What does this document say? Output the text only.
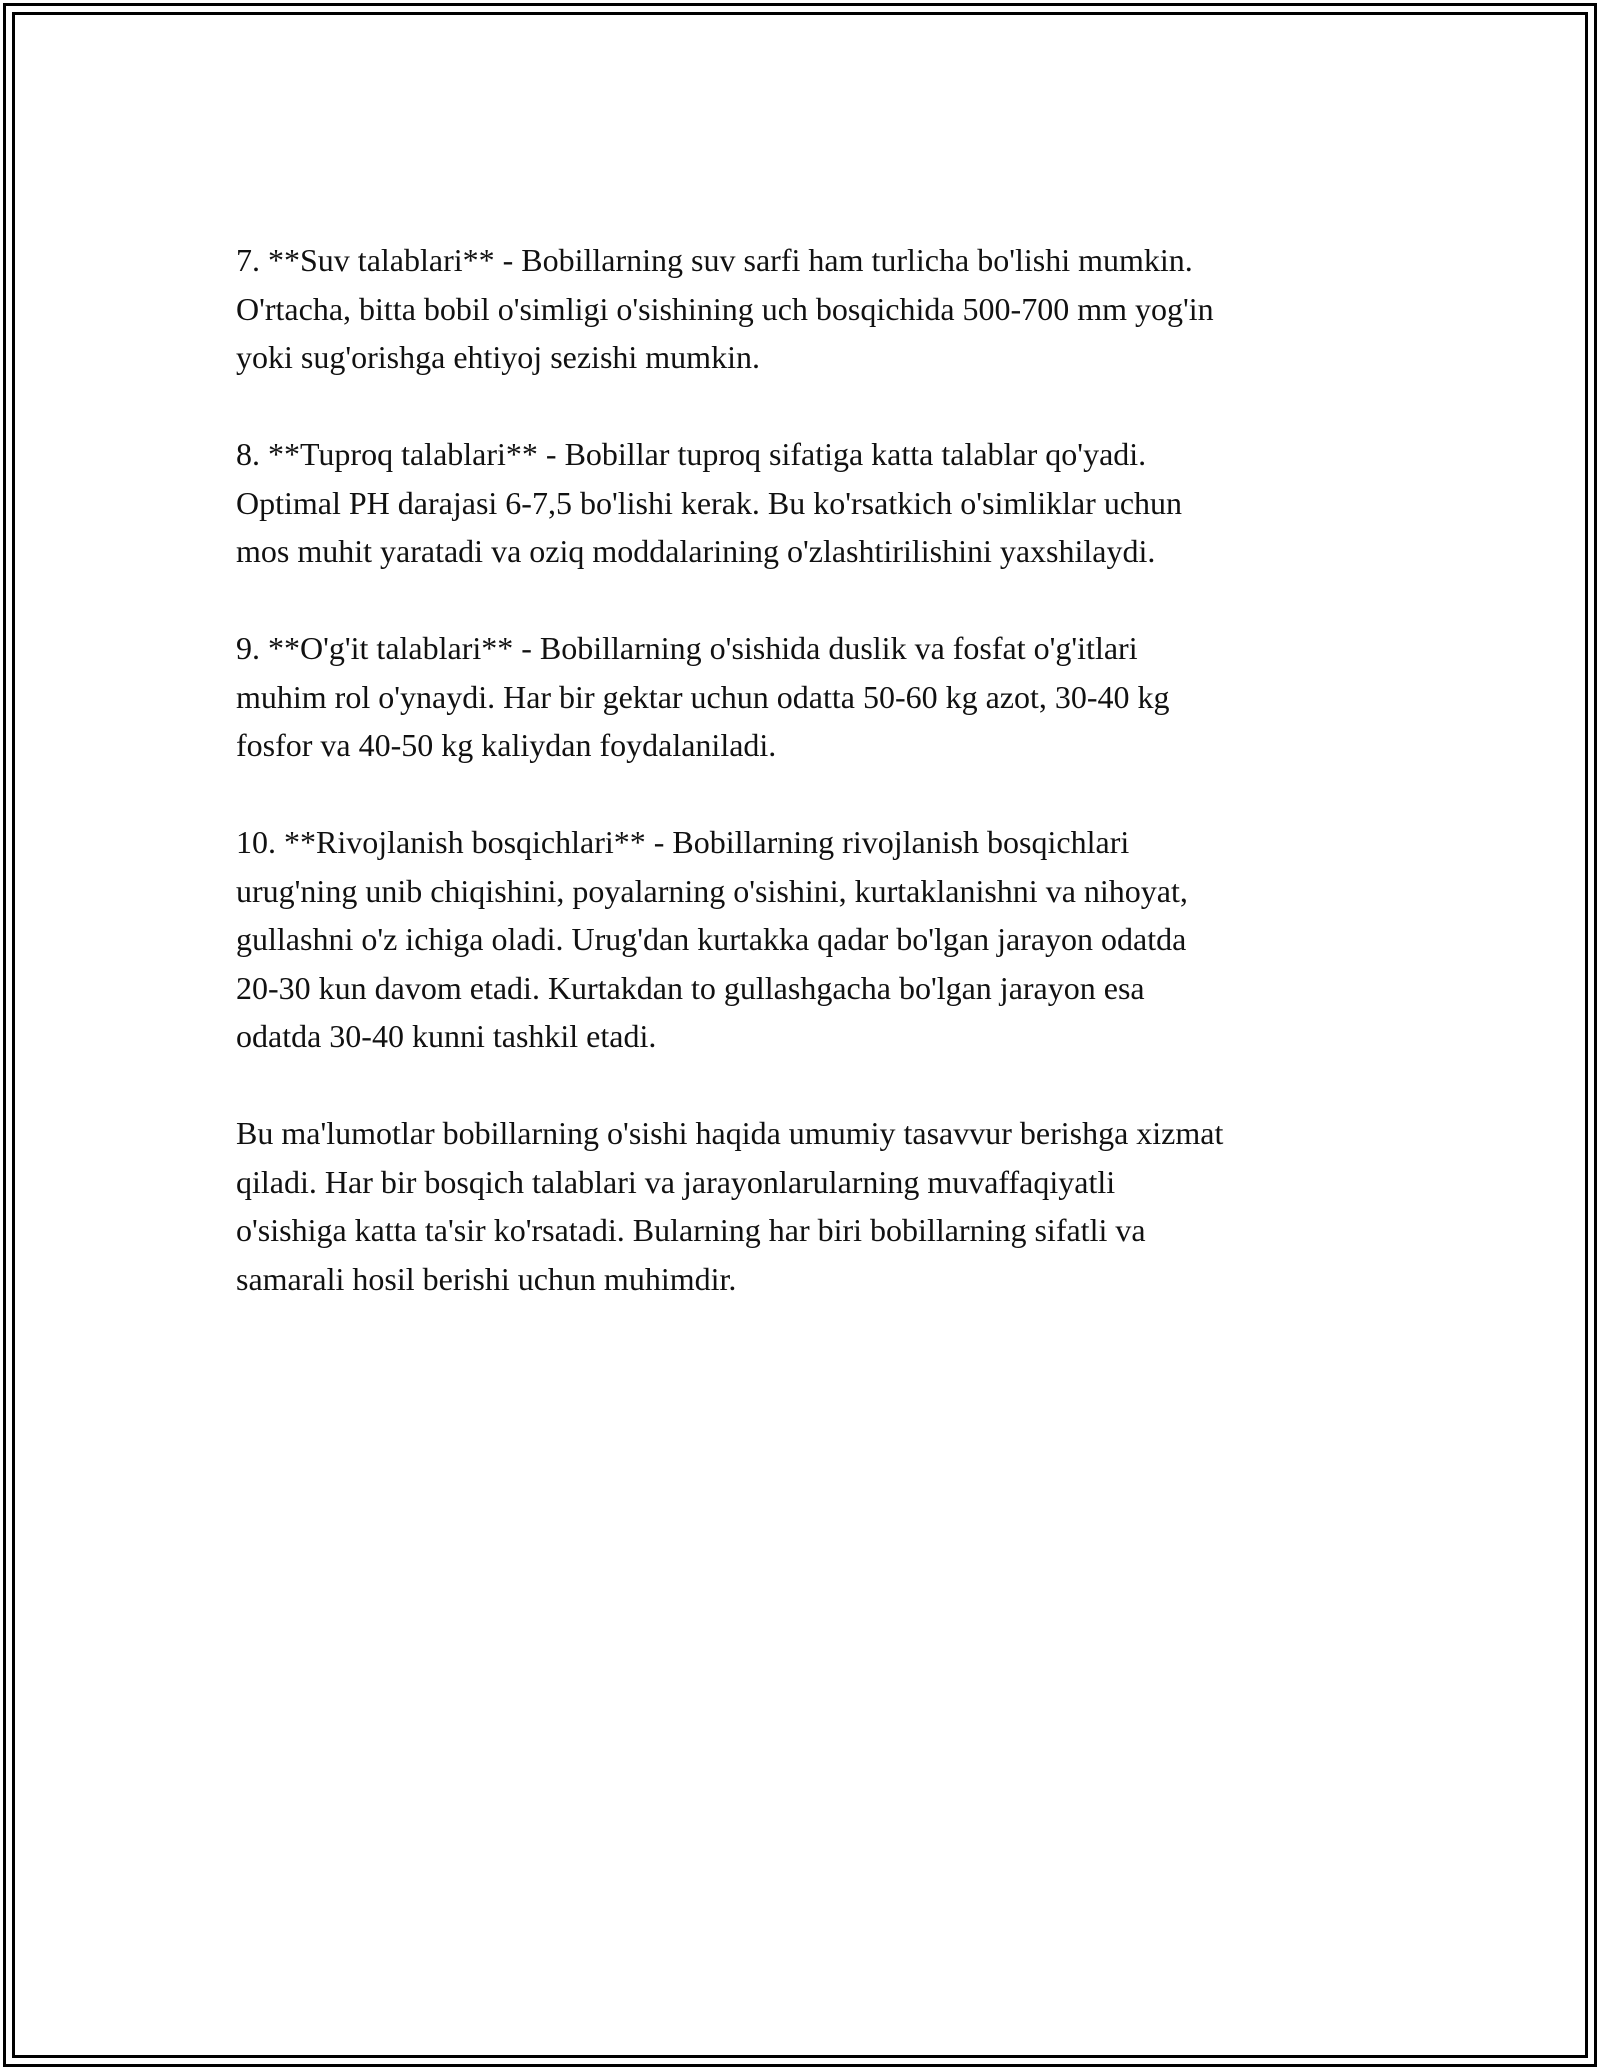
7. **Suv talablari** - Bobillarning suv sarfi ham turlicha bo'lishi mumkin.
O'rtacha, bitta bobil o'simligi o'sishining uch bosqichida 500-700 mm yog'in
yoki sug'orishga ehtiyoj sezishi mumkin.

8. **Tuproq talablari** - Bobillar tuproq sifatiga katta talablar qo'yadi.
Optimal PH darajasi 6-7,5 bo'lishi kerak. Bu ko'rsatkich o'simliklar uchun
mos muhit yaratadi va oziq moddalarining o'zlashtirilishini yaxshilaydi.

9. **O'g'it talablari** - Bobillarning o'sishida duslik va fosfat o'g'itlari
muhim rol o'ynaydi. Har bir gektar uchun odatta 50-60 kg azot, 30-40 kg
fosfor va 40-50 kg kaliydan foydalaniladi.

10. **Rivojlanish bosqichlari** - Bobillarning rivojlanish bosqichlari
urug'ning unib chiqishini, poyalarning o'sishini, kurtaklanishni va nihoyat,
gullashni o'z ichiga oladi. Urug'dan kurtakka qadar bo'lgan jarayon odatda
20-30 kun davom etadi. Kurtakdan to gullashgacha bo'lgan jarayon esa
odatda 30-40 kunni tashkil etadi.

Bu ma'lumotlar bobillarning o'sishi haqida umumiy tasavvur berishga xizmat
qiladi. Har bir bosqich talablari va jarayonlarularning muvaffaqiyatli
o'sishiga katta ta'sir ko'rsatadi. Bularning har biri bobillarning sifatli va
samarali hosil berishi uchun muhimdir.
